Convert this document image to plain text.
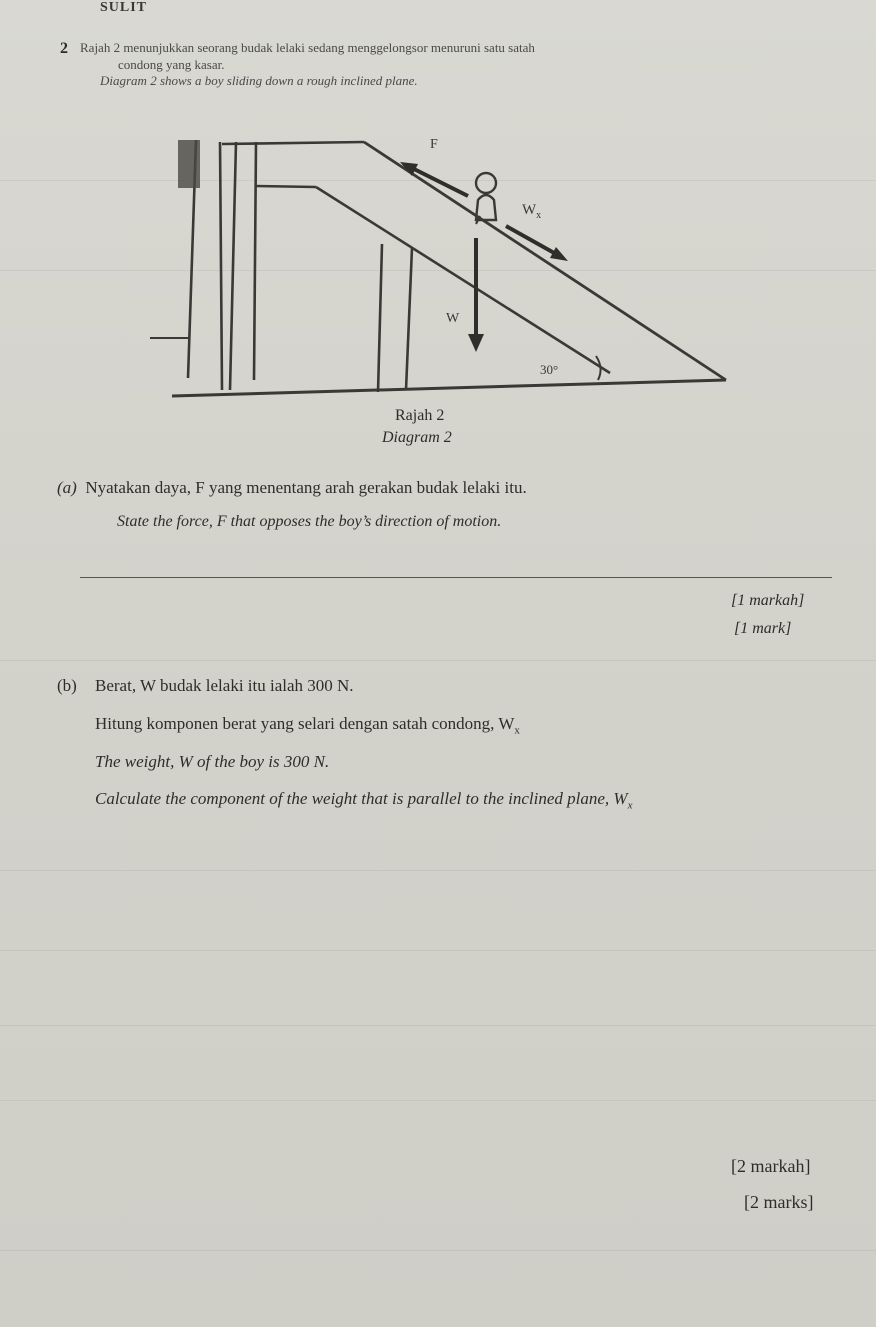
SULIT
2 Rajah 2 menunjukkan seorang budak lelaki sedang menggelongsor menuruni satu satah
condong yang kasar.
Diagram 2 shows a boy sliding down a rough inclined plane.
F
$W_x$
W
30°
Rajah 2
Diagram 2
(a) Nyatakan daya, F yang menentang arah gerakan budak lelaki itu.
State the force, F that opposes the boy’s direction of motion.
[1 markah]
[1 mark]
(b) Berat, W budak lelaki itu ialah 300 N.
Hitung komponen berat yang selari dengan satah condong, $W_x$
The weight, W of the boy is 300 N.
Calculate the component of the weight that is parallel to the inclined plane, $W_x$
[2 markah]
[2 marks]
